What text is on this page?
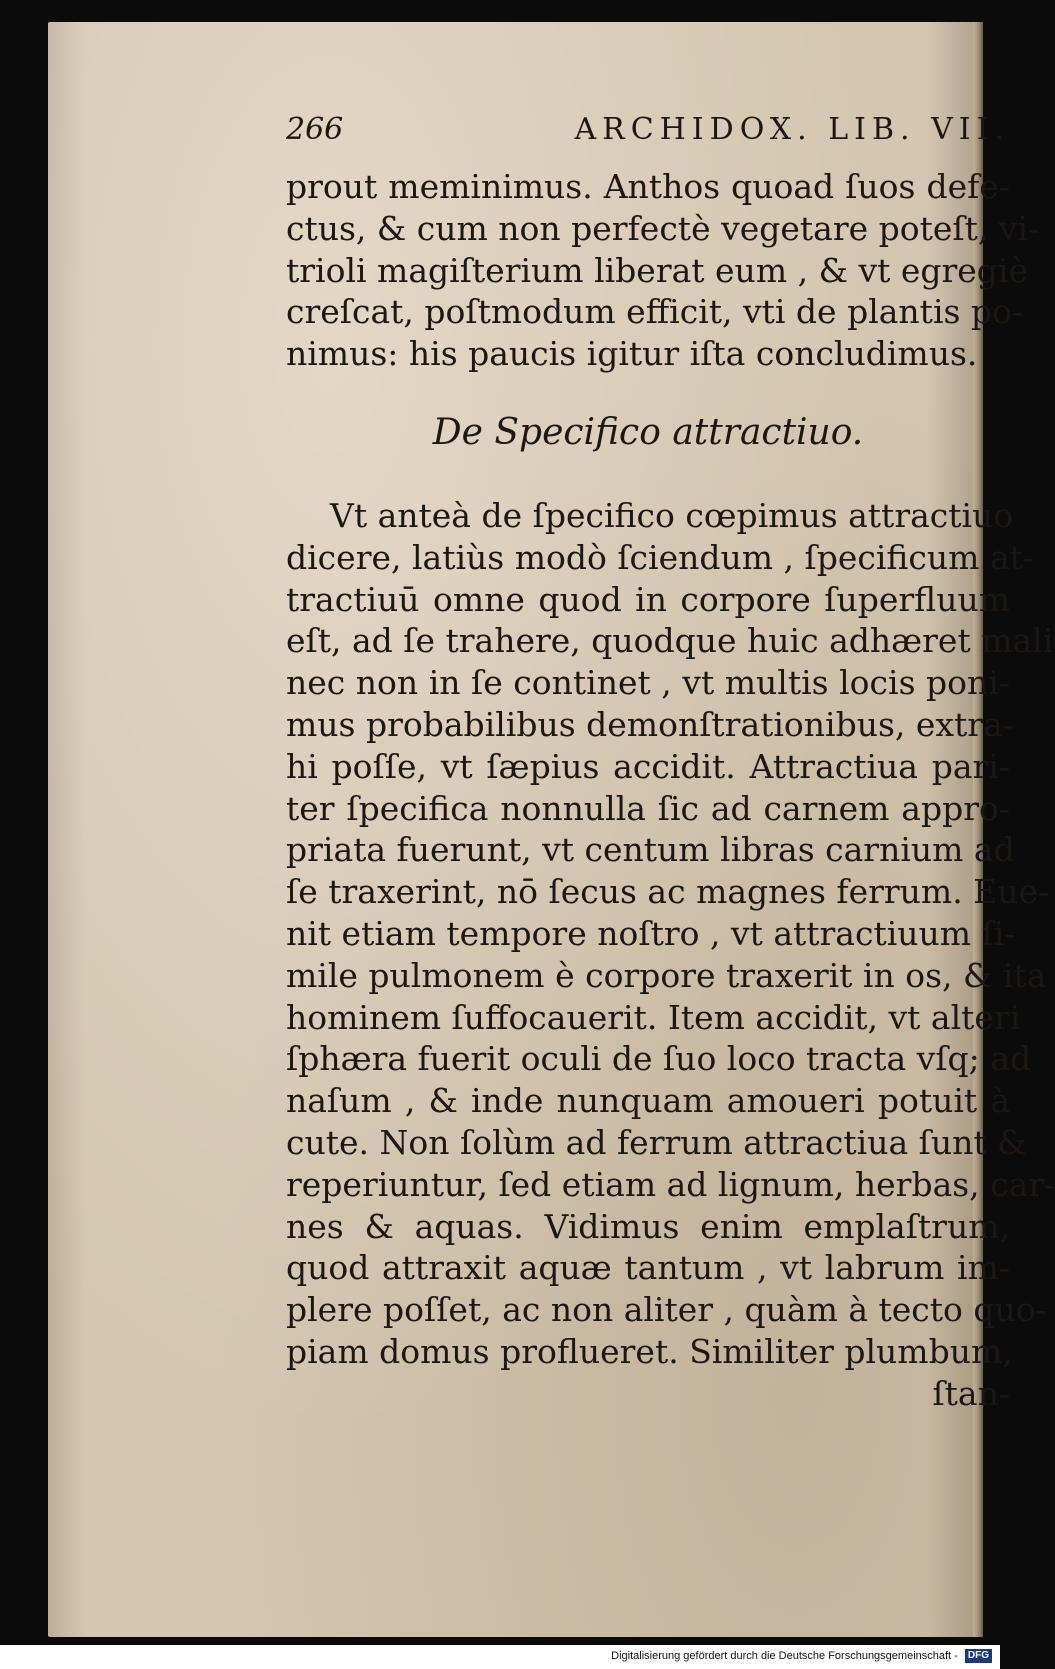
266	ARCHIDOX. LIB. VII.
prout meminimus. Anthos quoad ſuos defe-
ctus, & cum non perfectè vegetare poteſt, vi-
trioli magiſterium liberat eum , & vt egregiè
creſcat, poſtmodum efficit, vti de plantis po-
nimus: his paucis igitur iſta concludimus.
De Specifico attractiuo.
Vt anteà de ſpecifico cœpimus attractiuo
dicere, latiùs modò ſciendum , ſpecificum at-
tractiuū omne quod in corpore ſuperfluum
eſt, ad ſe trahere, quodque huic adhæret mali
nec non in ſe continet , vt multis locis poni-
mus probabilibus demonſtrationibus, extra-
hi poſſe, vt ſæpius accidit. Attractiua pari-
ter ſpecifica nonnulla ſic ad carnem appro-
priata fuerunt, vt centum libras carnium ad
ſe traxerint, nō ſecus ac magnes ferrum. Eue-
nit etiam tempore noſtro , vt attractiuum ſi-
mile pulmonem è corpore traxerit in os, & ita
hominem ſuffocauerit. Item accidit, vt alteri
ſphæra fuerit oculi de ſuo loco tracta vſq; ad
naſum , & inde nunquam amoueri potuit à
cute. Non ſolùm ad ferrum attractiua ſunt &
reperiuntur, ſed etiam ad lignum, herbas, car-
nes & aquas. Vidimus enim emplaſtrum,
quod attraxit aquæ tantum , vt labrum im-
plere poſſet, ac non aliter , quàm à tecto quo-
piam domus proflueret. Similiter plumbum,
ſtan-
Digitalisierung gefördert durch die Deutsche Forschungsgemeinschaft - DFG
